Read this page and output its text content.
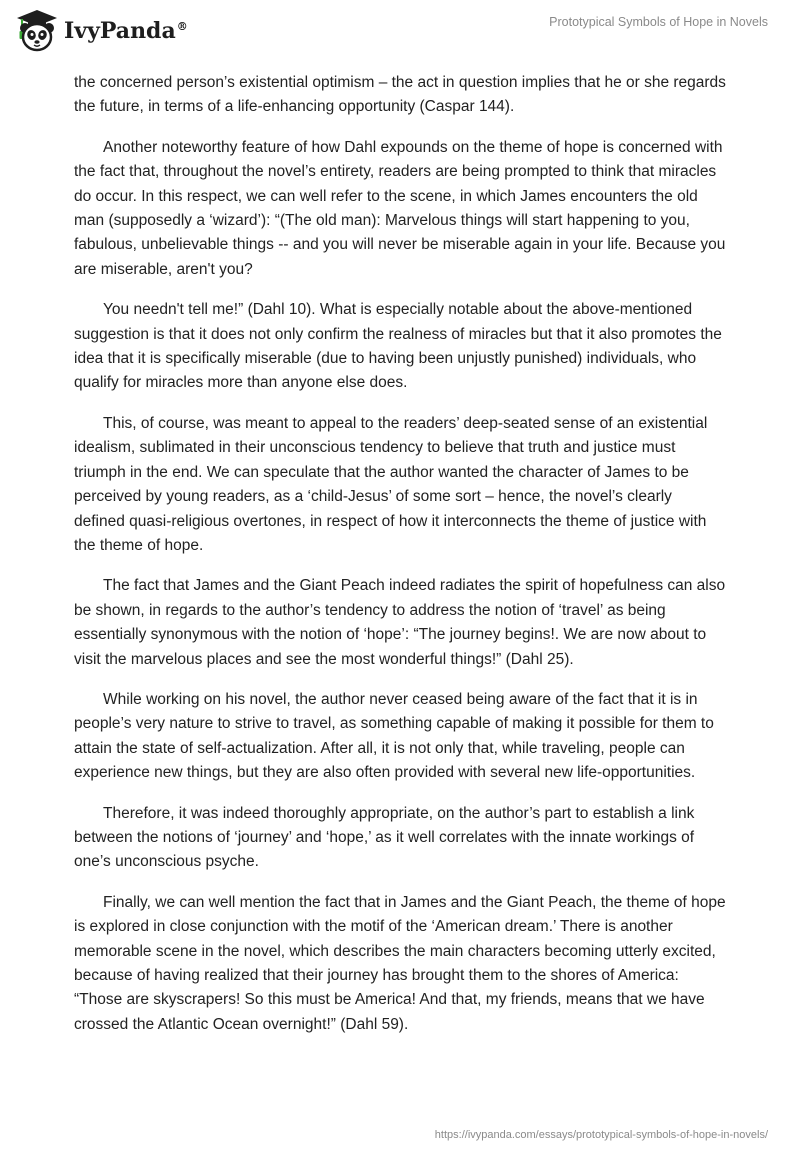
IvyPanda®	Prototypical Symbols of Hope in Novels

the concerned person’s existential optimism – the act in question implies that he or she regards the future, in terms of a life-enhancing opportunity (Caspar 144).

Another noteworthy feature of how Dahl expounds on the theme of hope is concerned with the fact that, throughout the novel’s entirety, readers are being prompted to think that miracles do occur. In this respect, we can well refer to the scene, in which James encounters the old man (supposedly a ‘wizard’): “(The old man): Marvelous things will start happening to you, fabulous, unbelievable things -- and you will never be miserable again in your life. Because you are miserable, aren't you?

You needn't tell me!” (Dahl 10). What is especially notable about the above-mentioned suggestion is that it does not only confirm the realness of miracles but that it also promotes the idea that it is specifically miserable (due to having been unjustly punished) individuals, who qualify for miracles more than anyone else does.

This, of course, was meant to appeal to the readers’ deep-seated sense of an existential idealism, sublimated in their unconscious tendency to believe that truth and justice must triumph in the end. We can speculate that the author wanted the character of James to be perceived by young readers, as a ‘child-Jesus’ of some sort – hence, the novel’s clearly defined quasi-religious overtones, in respect of how it interconnects the theme of justice with the theme of hope.

The fact that James and the Giant Peach indeed radiates the spirit of hopefulness can also be shown, in regards to the author’s tendency to address the notion of ‘travel’ as being essentially synonymous with the notion of ‘hope’: “The journey begins!. We are now about to visit the marvelous places and see the most wonderful things!” (Dahl 25).

While working on his novel, the author never ceased being aware of the fact that it is in people’s very nature to strive to travel, as something capable of making it possible for them to attain the state of self-actualization. After all, it is not only that, while traveling, people can experience new things, but they are also often provided with several new life-opportunities.

Therefore, it was indeed thoroughly appropriate, on the author’s part to establish a link between the notions of ‘journey’ and ‘hope,’ as it well correlates with the innate workings of one’s unconscious psyche.

Finally, we can well mention the fact that in James and the Giant Peach, the theme of hope is explored in close conjunction with the motif of the ‘American dream.’ There is another memorable scene in the novel, which describes the main characters becoming utterly excited, because of having realized that their journey has brought them to the shores of America: “Those are skyscrapers! So this must be America! And that, my friends, means that we have crossed the Atlantic Ocean overnight!” (Dahl 59).

https://ivypanda.com/essays/prototypical-symbols-of-hope-in-novels/
